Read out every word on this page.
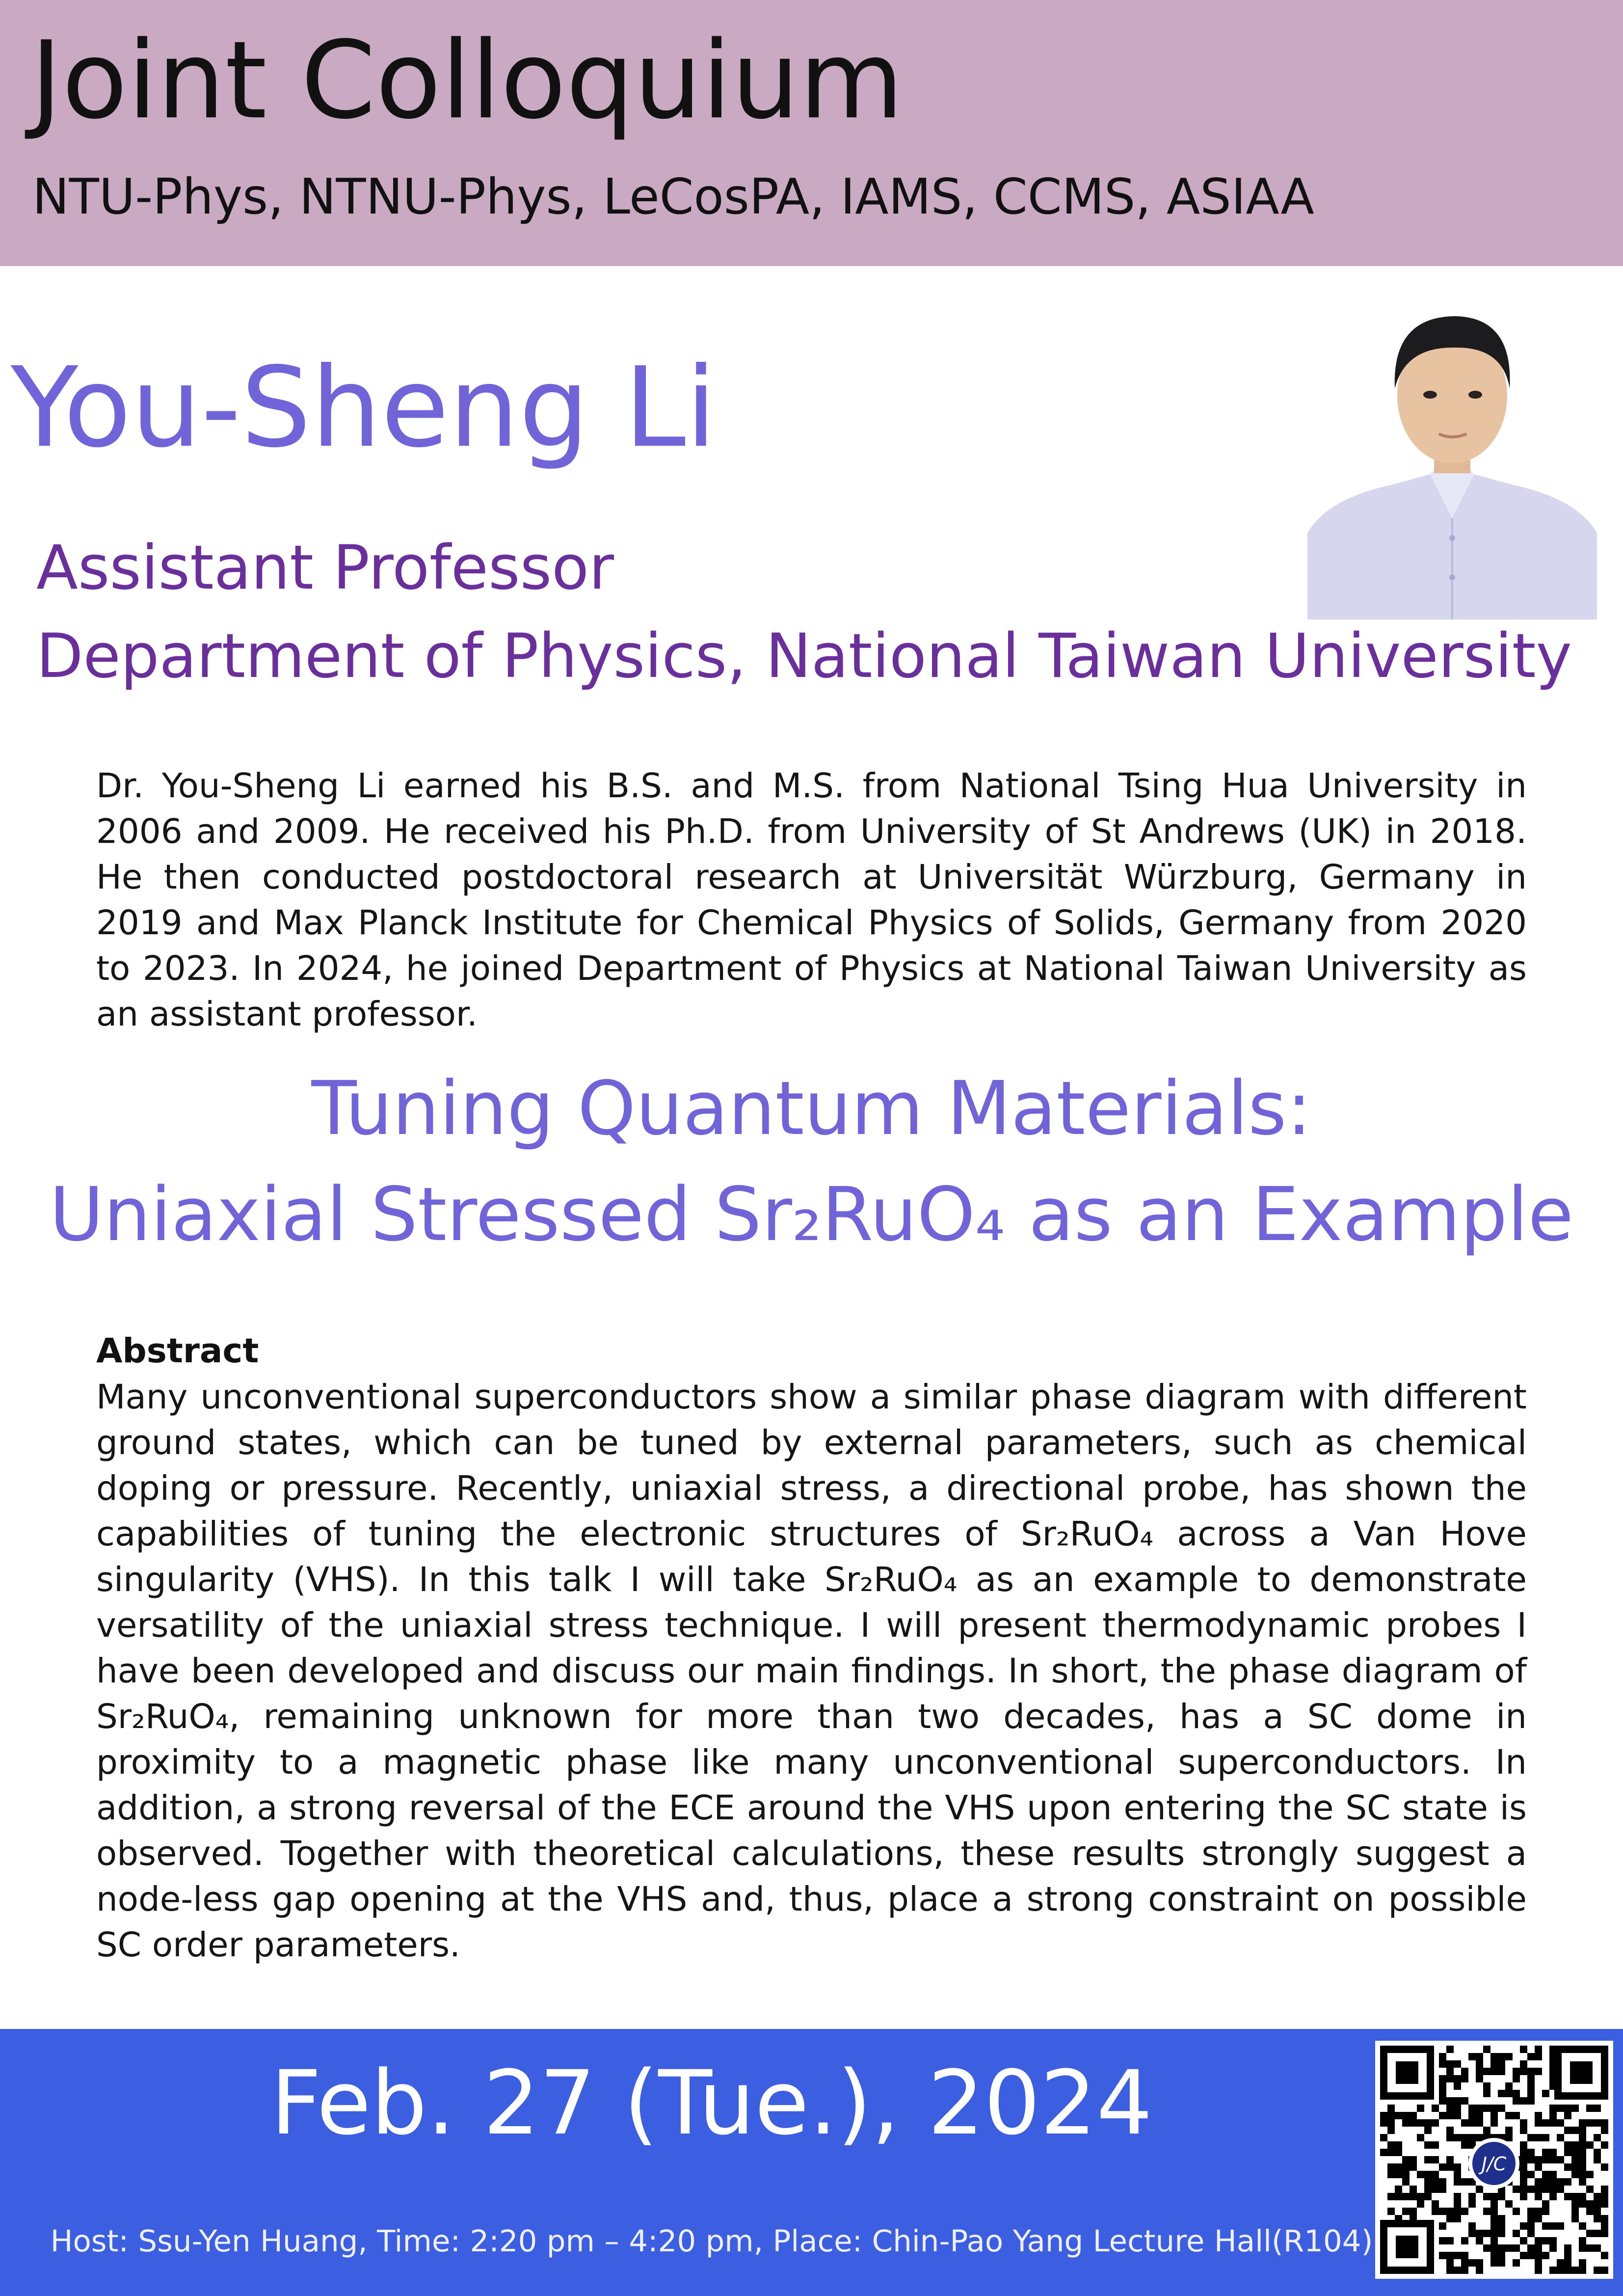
Joint Colloquium
NTU-Phys, NTNU-Phys, LeCosPA, IAMS, CCMS, ASIAA
You-Sheng Li
Assistant Professor
Department of Physics, National Taiwan University
Dr. You-Sheng Li earned his B.S. and M.S. from National Tsing Hua University in 2006 and 2009. He received his Ph.D. from University of St Andrews (UK) in 2018. He then conducted postdoctoral research at Universität Würzburg, Germany in 2019 and Max Planck Institute for Chemical Physics of Solids, Germany from 2020 to 2023. In 2024, he joined Department of Physics at National Taiwan University as an assistant professor.
Tuning Quantum Materials:
Uniaxial Stressed Sr₂RuO₄ as an Example
Abstract
Many unconventional superconductors show a similar phase diagram with different ground states, which can be tuned by external parameters, such as chemical doping or pressure. Recently, uniaxial stress, a directional probe, has shown the capabilities of tuning the electronic structures of Sr₂RuO₄ across a Van Hove singularity (VHS). In this talk I will take Sr₂RuO₄ as an example to demonstrate versatility of the uniaxial stress technique. I will present thermodynamic probes I have been developed and discuss our main findings. In short, the phase diagram of Sr₂RuO₄, remaining unknown for more than two decades, has a SC dome in proximity to a magnetic phase like many unconventional superconductors. In addition, a strong reversal of the ECE around the VHS upon entering the SC state is observed. Together with theoretical calculations, these results strongly suggest a node-less gap opening at the VHS and, thus, place a strong constraint on possible SC order parameters.
Feb. 27 (Tue.), 2024
Host: Ssu-Yen Huang, Time: 2:20 pm – 4:20 pm, Place: Chin-Pao Yang Lecture Hall(R104)
J/C
